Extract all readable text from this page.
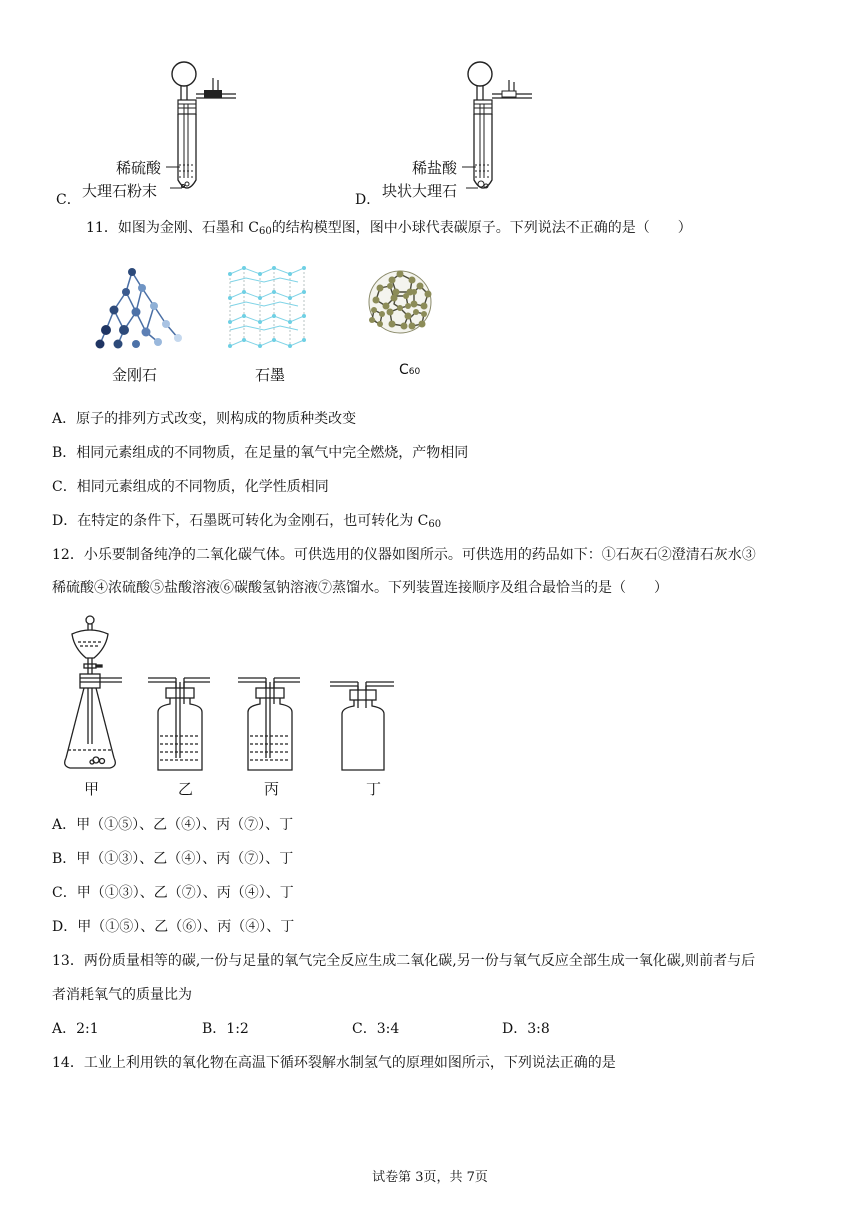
C．
稀硫酸
大理石粉末	D．
稀盐酸
块状大理石
11．如图为金刚、石墨和 C60的结构模型图，图中小球代表碳原子。下列说法不正确的是（　　）
金刚石	石墨	C60
A．原子的排列方式改变，则构成的物质种类改变
B．相同元素组成的不同物质，在足量的氧气中完全燃烧，产物相同
C．相同元素组成的不同物质，化学性质相同
D．在特定的条件下，石墨既可转化为金刚石，也可转化为 C60
12．小乐要制备纯净的二氧化碳气体。可供选用的仪器如图所示。可供选用的药品如下：①石灰石②澄清石灰水③
稀硫酸④浓硫酸⑤盐酸溶液⑥碳酸氢钠溶液⑦蒸馏水。下列装置连接顺序及组合最恰当的是（　　）
甲	乙	丙	丁
A．甲（①⑤）、乙（④）、丙（⑦）、丁
B．甲（①③）、乙（④）、丙（⑦）、丁
C．甲（①③）、乙（⑦）、丙（④）、丁
D．甲（①⑤）、乙（⑥）、丙（④）、丁
13．两份质量相等的碳,一份与足量的氧气完全反应生成二氧化碳,另一份与氧气反应全部生成一氧化碳,则前者与后
者消耗氧气的质量比为
A．2:1	B．1:2	C．3:4	D．3:8
14．工业上利用铁的氧化物在高温下循环裂解水制氢气的原理如图所示，下列说法正确的是
试卷第 3页，共 7页
